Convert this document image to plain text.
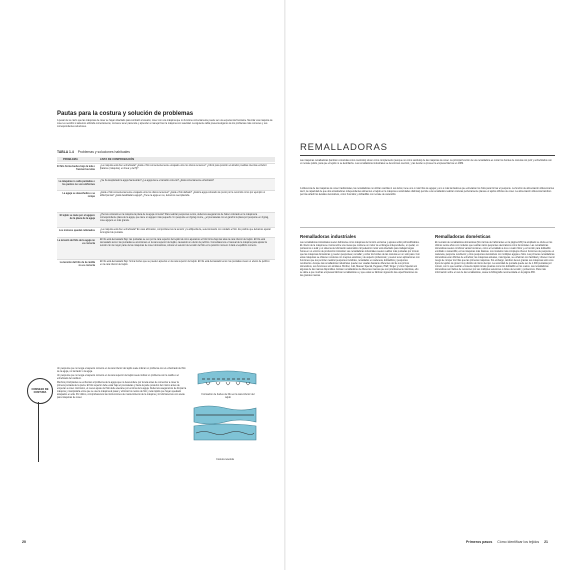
Pautas para la costura y solución de problemas
A pesar de su cierto que las máquinas de coser se hayan diseñado para combatir al usuario, coser con una máquina que no funcione correctamente puede ser una experiencia frustrante. Mezclar una máquina de coser es sencillo si sabemos utilizarla correctamente; conviene tener paciencia y aprender a manejar bien la máquina con suavidad. La siguiente tabla presenta algunos de los problemas más comunes y sus correspondientes soluciones.
TABLA 1.4 Problemas y soluciones habituales
PROBLEMA	LISTA DE COMPROBACIÓN
El hilo forma bucles bajo la tela o fruncen las telas
¿La máquina está bien enhebrada? ¿Está el hilo convenientemente encajado entre los discos tensores? ¿Ubicó para posición el alzador presillas mientras enhebró [balance (máquina), en línea y del 5]?
La máquina no salta puntadas o los puntos no son uniformes
¿Se ha desplazado la aguja hacia atrás? ¿La aguja tiene el tamaño correcto? ¿Está correctamente enhebrada?
La aguja se desenhebra o se rompe
¿Está el hilo convenientemente encajado entre los discos tensores? ¿Está el hilo dañado? ¿Está la aguja colocado de punto por la recorrido como por ejemplo un alfiler/puntas? ¿Está desafilada la aguja? ¿Tiene la aguja en su, debemos reemplazarla.
El tejido se mete por el agujero de la placa de la aguja
¿Hemos colocado en la máquina la placa de la aguja correcta? Para realizar pespuntes rectos, debemos asegurarnos de haber colocado en la máquina la correspondiente placa de la aguja, que tiene un agujero más pequeño. Un pespunte en zigzag ocurre, ¿el prensatelas con el gancho la placa por pespunte en zigzag, cose agujero es más grande.
Los motores quedan rellenados ¿La máquina está bien enhebrada? En caso afirmativo, comprobaremos la tensión y la afiliperdieza, seleccionando con cuidado el hilo. Es posible que debamos ajustar la longitud de puntada.
La tensión del hilo de la aguja no es correcta
El hilo está demasiado flojo: las puntadas se ven por la cara superior del tejido tal como ajustamos el hilo forma bajo las telas la cara inferior del tejido. El hilo está demasiado tenso: las puntadas se amontonan en la cara superior del tejido, causando un efecto de pellizco. Consultaremos el manual de la máquina para ajustar la tensión. En la mayor parte de las máquinas de coser domésticas, colocar el selector de tensión del hilo en la posición número 4 dará el equilibrio correcto.
La tensión del hilo de la canilla no es correcta
El hilo está demasiado flojo: forma bucles que se pueden apreciar en la cara superior del tejido. El hilo está demasiado tenso: las puntadas crean un efecto de pellizco en la cara inferior del tejido.
CONSEJO DE COSTURA

Un pespunte que no tenga el aspecto correcto en la cara inferior del tejido suele indicar un problema con el enhebrado del hilo de la aguja, no lanzador o la aguja.

Un pespunte que no tenga el aspecto correcto en la cara superior del tejido suele indicar un problema con la canilla o el enhebrado del canillero.

Muchos principiantes se enfrentan al problema de la aguja que no descendiere por la tela antes de comenzar a coser la primera puntada de la pieza. El hilo superior debe estar bajo el prensatelas y hacia la parte posterior del mismo antes de empezar a coser. Asimismo, el nuevo ajuste del hilo debe elevarse por encima de la aguja. Debemos asegurarnos de limpiar la máquina y manipularla entre que se use la máquina al pasar y eliminar los restos de hilo y tela rápido que hayan quedado atrapados en ella. Por último, comprobaremos las instrucciones de mantenimiento de la máquina y lo lubricaremos con aceite para máquinas de coser.

Formación de bucles de hilo en la cara inferior del tejido
Costura retenida
20
REMALLADORAS
Las máquinas remalladoras (también conocidas como overlocks) sirven como complemento (aunque no como sustituto) de las máquinas de coser. La principal función de una remalladora es cortar los bordes de costuras sin pulir y sobrehilarlos con un remate pulido, para que el tejido no se deshilache. Las remalladoras industriales se denominan overlock, y las tienden a proveer la empresa Merrow en 1889.
A diferencia de las máquinas de coser tradicionales, las remalladoras no utilizan canillas ni sus lazos; tiene uno o más hilos de agujas y uno o más lanzadores que entrelazan los hilos para formar el pespunte. La función de alimentación diferencial les decir, la capacidad de que dos arrastradores independientes alimenten el tejido en la máquina a velocidades distintas) permite a la remalladora realizar costuras perfectamente planas en tejidos difíciles de coser. La alimentación diferencial también permite añadir los detalles decorativos, como fruncidos y dobladillos con remate de caracolillo.
Remalladoras industriales
Las remalladoras industriales suelen fabricarse como máquinas de función exclusiva y ajustes solito polimodificables. El criterio de la máquina se monta sobre una mesa que contiene un motor de embrague independiente, un pedal, un portaconos o telal y un sistema de lubricación automático. El pedestrío motor está diseñado para trabajar largas horas en un entorno de producción industrial. Las remalladoras industriales suelen realizar más puntadas por minuto que las máquinas domésticas y pueden pespuntear, remallar y cortar los bordes de las costuras en un solo paso. Con estas máquinas se obtienen costuras con mejores estéticas y de aspecto profesional, y suelen tener aplicaciones con funciones que les permiten realizar pespuntes invisibles, remallados en cadeneta, dobladillos y pespuntes recubiertos. Aunque las remalladoras industriales pueden ser usadas bastante diferentes del de sus primos domésticos, sus funciones son similares. Brother, Juki, Mauser Special, Pegasus, Pfaff, Singer y Union Special son algunas de las marcas disponibles. Existen remalladoras de diferentes marcas que son prácticamente idénticas, ello se debe a que muchas empresas fabrican remalladoras a y que estas se fabrican siguiendo las especificaciones de las grandes marcas.
Remalladoras domésticas
El mercado de remalladoras domésticas (hizo la liste de habricantes en la página 180) ha ampliado su oferta en los últimos veinte años con modelos que realizan tanto pespuntes decorativos como funcionales. Las remalladoras domésticas suelen combinar varias funciones, como el remallado a tres o cuatro hilos y es función para dobladillo enrollado o caracolillo; en las máquinas más básicas. Los modelos más complejos ofrecen funciones de pespunte en cadeneta, pespunte recubierto y otros pespuntes decorativos con múltiples agujas e hilos. Las primeras remalladoras domésticas eran difíciles de enhebrar; las máquinas actuales, más ligeras, se enhebran con facilidad y ofrecen menor riesgo de romper los hilos que las primeras máquinas. Sin embargo, también tienen gracias sus máquinas solo unos tipos de tejidos de grosor muy distinto al mismo tiempo. La velocidad de puntada puede ser de 1.300 puntadas por minuto, con lo que realizar el cosería rápido tomas pruebas como los dobladillo en los vuelos. Las remalladoras domésticas son fáciles de reconocer por sus múltiples selectores o dioles de tensión y portaconos. Para más información sobre el uso de las remalladoras, véase la bibliografía recomendada en la página 386.
Primeros pasos Cómo identificar los tejidos 21
